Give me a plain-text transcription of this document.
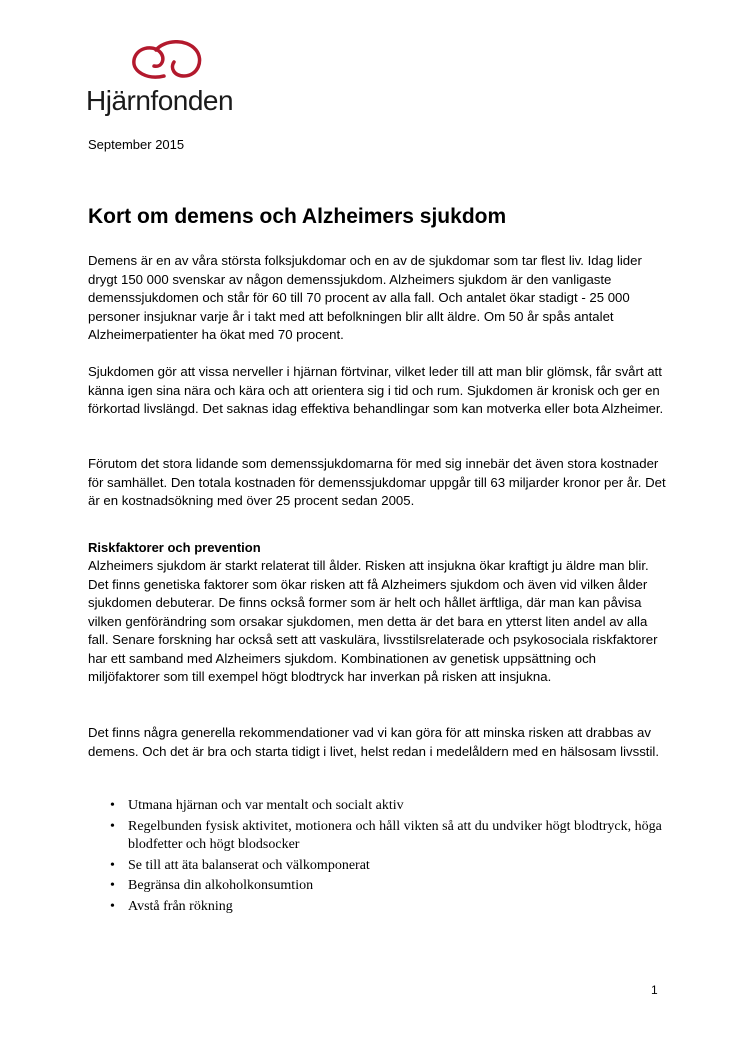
Hjärnfonden
September 2015
Kort om demens och Alzheimers sjukdom

Demens är en av våra största folksjukdomar och en av de sjukdomar som tar flest liv. Idag lider drygt 150 000 svenskar av någon demenssjukdom. Alzheimers sjukdom är den vanligaste demenssjukdomen och står för 60 till 70 procent av alla fall. Och antalet ökar stadigt - 25 000 personer insjuknar varje år i takt med att befolkningen blir allt äldre. Om 50 år spås antalet Alzheimerpatienter ha ökat med 70 procent.

Sjukdomen gör att vissa nerveller i hjärnan förtvinar, vilket leder till att man blir glömsk, får svårt att känna igen sina nära och kära och att orientera sig i tid och rum. Sjukdomen är kronisk och ger en förkortad livslängd. Det saknas idag effektiva behandlingar som kan motverka eller bota Alzheimer.

Förutom det stora lidande som demenssjukdomarna för med sig innebär det även stora kostnader för samhället. Den totala kostnaden för demenssjukdomar uppgår till 63 miljarder kronor per år. Det är en kostnadsökning med över 25 procent sedan 2005.

Riskfaktorer och prevention

Alzheimers sjukdom är starkt relaterat till ålder. Risken att insjukna ökar kraftigt ju äldre man blir. Det finns genetiska faktorer som ökar risken att få Alzheimers sjukdom och även vid vilken ålder sjukdomen debuterar. De finns också former som är helt och hållet ärftliga, där man kan påvisa vilken genförändring som orsakar sjukdomen, men detta är det bara en ytterst liten andel av alla fall. Senare forskning har också sett att vaskulära, livsstilsrelaterade och psykosociala riskfaktorer har ett samband med Alzheimers sjukdom. Kombinationen av genetisk uppsättning och miljöfaktorer som till exempel högt blodtryck har inverkan på risken att insjukna.

Det finns några generella rekommendationer vad vi kan göra för att minska risken att drabbas av demens. Och det är bra och starta tidigt i livet, helst redan i medelåldern med en hälsosam livsstil.

• Utmana hjärnan och var mentalt och socialt aktiv
• Regelbunden fysisk aktivitet, motionera och håll vikten så att du undviker högt blodtryck, höga blodfetter och högt blodsocker
• Se till att äta balanserat och välkomponerat
• Begränsa din alkoholkonsumtion
• Avstå från rökning
1
